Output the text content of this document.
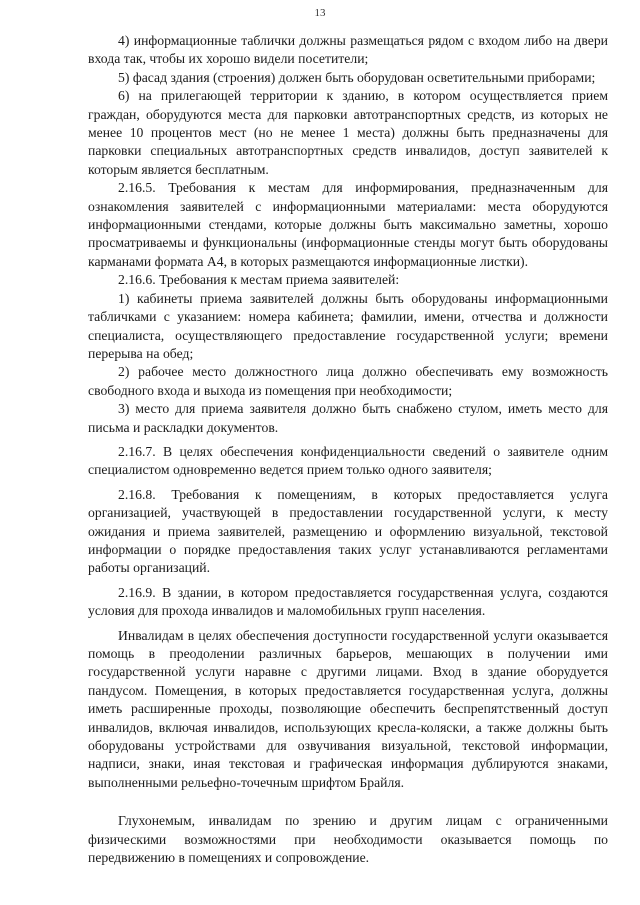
13

4) информационные таблички должны размещаться рядом с входом либо на двери входа так, чтобы их хорошо видели посетители;

5) фасад здания (строения) должен быть оборудован осветительными приборами;

6) на прилегающей территории к зданию, в котором осуществляется прием граждан, оборудуются места для парковки автотранспортных средств, из которых не менее 10 процентов мест (но не менее 1 места) должны быть предназначены для парковки специальных автотранспортных средств инвалидов, доступ заявителей к которым является бесплатным.

2.16.5. Требования к местам для информирования, предназначенным для ознакомления заявителей с информационными материалами: места оборудуются информационными стендами, которые должны быть максимально заметны, хорошо просматриваемы и функциональны (информационные стенды могут быть оборудованы карманами формата А4, в которых размещаются информационные листки).

2.16.6. Требования к местам приема заявителей:

1) кабинеты приема заявителей должны быть оборудованы информационными табличками с указанием: номера кабинета; фамилии, имени, отчества и должности специалиста, осуществляющего предоставление государственной услуги; времени перерыва на обед;

2) рабочее место должностного лица должно обеспечивать ему возможность свободного входа и выхода из помещения при необходимости;

3) место для приема заявителя должно быть снабжено стулом, иметь место для письма и раскладки документов.

2.16.7. В целях обеспечения конфиденциальности сведений о заявителе одним специалистом одновременно ведется прием только одного заявителя;

2.16.8. Требования к помещениям, в которых предоставляется услуга организацией, участвующей в предоставлении государственной услуги, к месту ожидания и приема заявителей, размещению и оформлению визуальной, текстовой информации о порядке предоставления таких услуг устанавливаются регламентами работы организаций.

2.16.9. В здании, в котором предоставляется государственная услуга, создаются условия для прохода инвалидов и маломобильных групп населения.

Инвалидам в целях обеспечения доступности государственной услуги оказывается помощь в преодолении различных барьеров, мешающих в получении ими государственной услуги наравне с другими лицами. Вход в здание оборудуется пандусом. Помещения, в которых предоставляется государственная услуга, должны иметь расширенные проходы, позволяющие обеспечить беспрепятственный доступ инвалидов, включая инвалидов, использующих кресла-коляски, а также должны быть оборудованы устройствами для озвучивания визуальной, текстовой информации, надписи, знаки, иная текстовая и графическая информация дублируются знаками, выполненными рельефно-точечным шрифтом Брайля.

Глухонемым, инвалидам по зрению и другим лицам с ограниченными физическими возможностями при необходимости оказывается помощь по передвижению в помещениях и сопровождение.
